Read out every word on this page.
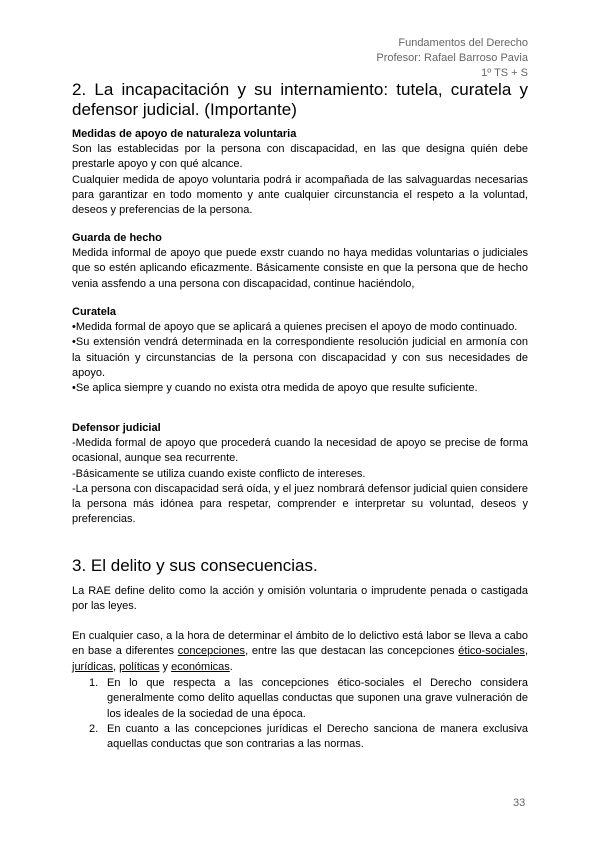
Fundamentos del Derecho
Profesor: Rafael Barroso Pavia
1º TS + S
2. La incapacitación y su internamiento: tutela, curatela y defensor judicial. (Importante)
Medidas de apoyo de naturaleza voluntaria

Son las establecidas por la persona con discapacidad, en las que designa quién debe prestarle apoyo y con qué alcance.

Cualquier medida de apoyo voluntaria podrá ir acompañada de las salvaguardas necesarias para garantizar en todo momento y ante cualquier circunstancia el respeto a la voluntad, deseos y preferencias de la persona.

Guarda de hecho

Medida informal de apoyo que puede exstr cuando no haya medidas voluntarias o judiciales que so estén aplicando eficazmente. Básicamente consiste en que la persona que de hecho venia assfendo a una persona con discapacidad, continue haciéndolo,

Curatela

•Medida formal de apoyo que se aplicará a quienes precisen el apoyo de modo continuado.

•Su extensión vendrá determinada en la correspondiente resolución judicial en armonía con la situación y circunstancias de la persona con discapacidad y con sus necesidades de apoyo.

•Se aplica siempre y cuando no exista otra medida de apoyo que resulte suficiente.

Defensor judicial

-Medida formal de apoyo que procederá cuando la necesidad de apoyo se precise de forma ocasional, aunque sea recurrente.

-Básicamente se utiliza cuando existe conflicto de intereses.

-La persona con discapacidad será oída, y el juez nombrará defensor judicial quien considere la persona más idónea para respetar, comprender e interpretar su voluntad, deseos y preferencias.

3. El delito y sus consecuencias.

La RAE define delito como la acción y omisión voluntaria o imprudente penada o castigada por las leyes.

En cualquier caso, a la hora de determinar el ámbito de lo delictivo está labor se lleva a cabo en base a diferentes concepciones, entre las que destacan las concepciones ético-sociales, jurídicas, políticas y económicas.

1. En lo que respecta a las concepciones ético-sociales el Derecho considera generalmente como delito aquellas conductas que suponen una grave vulneración de los ideales de la sociedad de una época.
2. En cuanto a las concepciones jurídicas el Derecho sanciona de manera exclusiva aquellas conductas que son contrarias a las normas.
33
